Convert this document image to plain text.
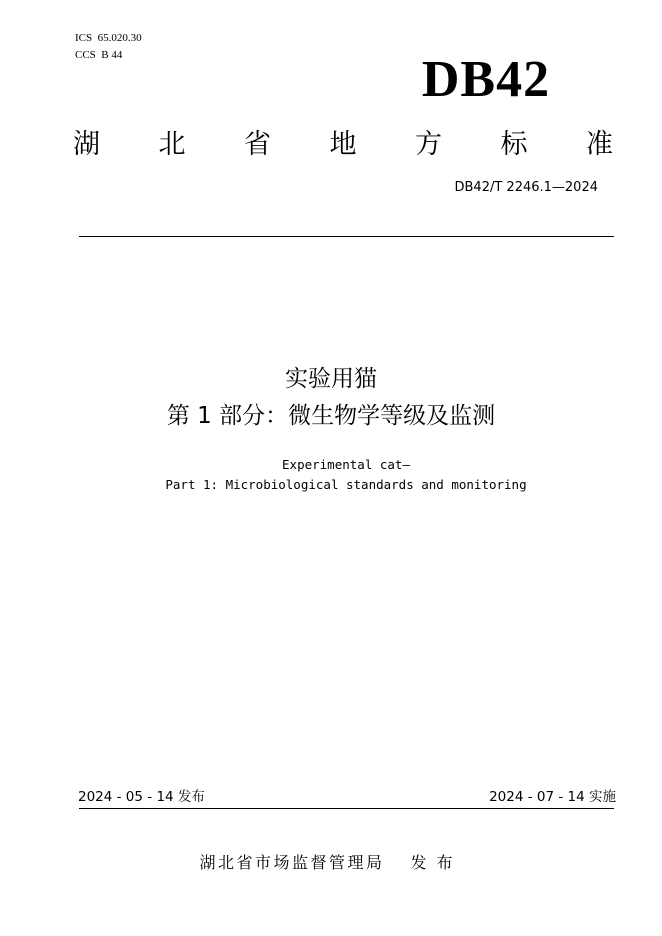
ICS  65.020.30
CCS  B 44	DB42
湖 北 省 地 方 标 准
DB42/T 2246.1—2024
实验用猫
第 1 部分：微生物学等级及监测
Experimental cat—
Part 1: Microbiological standards and monitoring
2024 - 05 - 14 发布	2024 - 07 - 14 实施
湖北省市场监督管理局 发布
